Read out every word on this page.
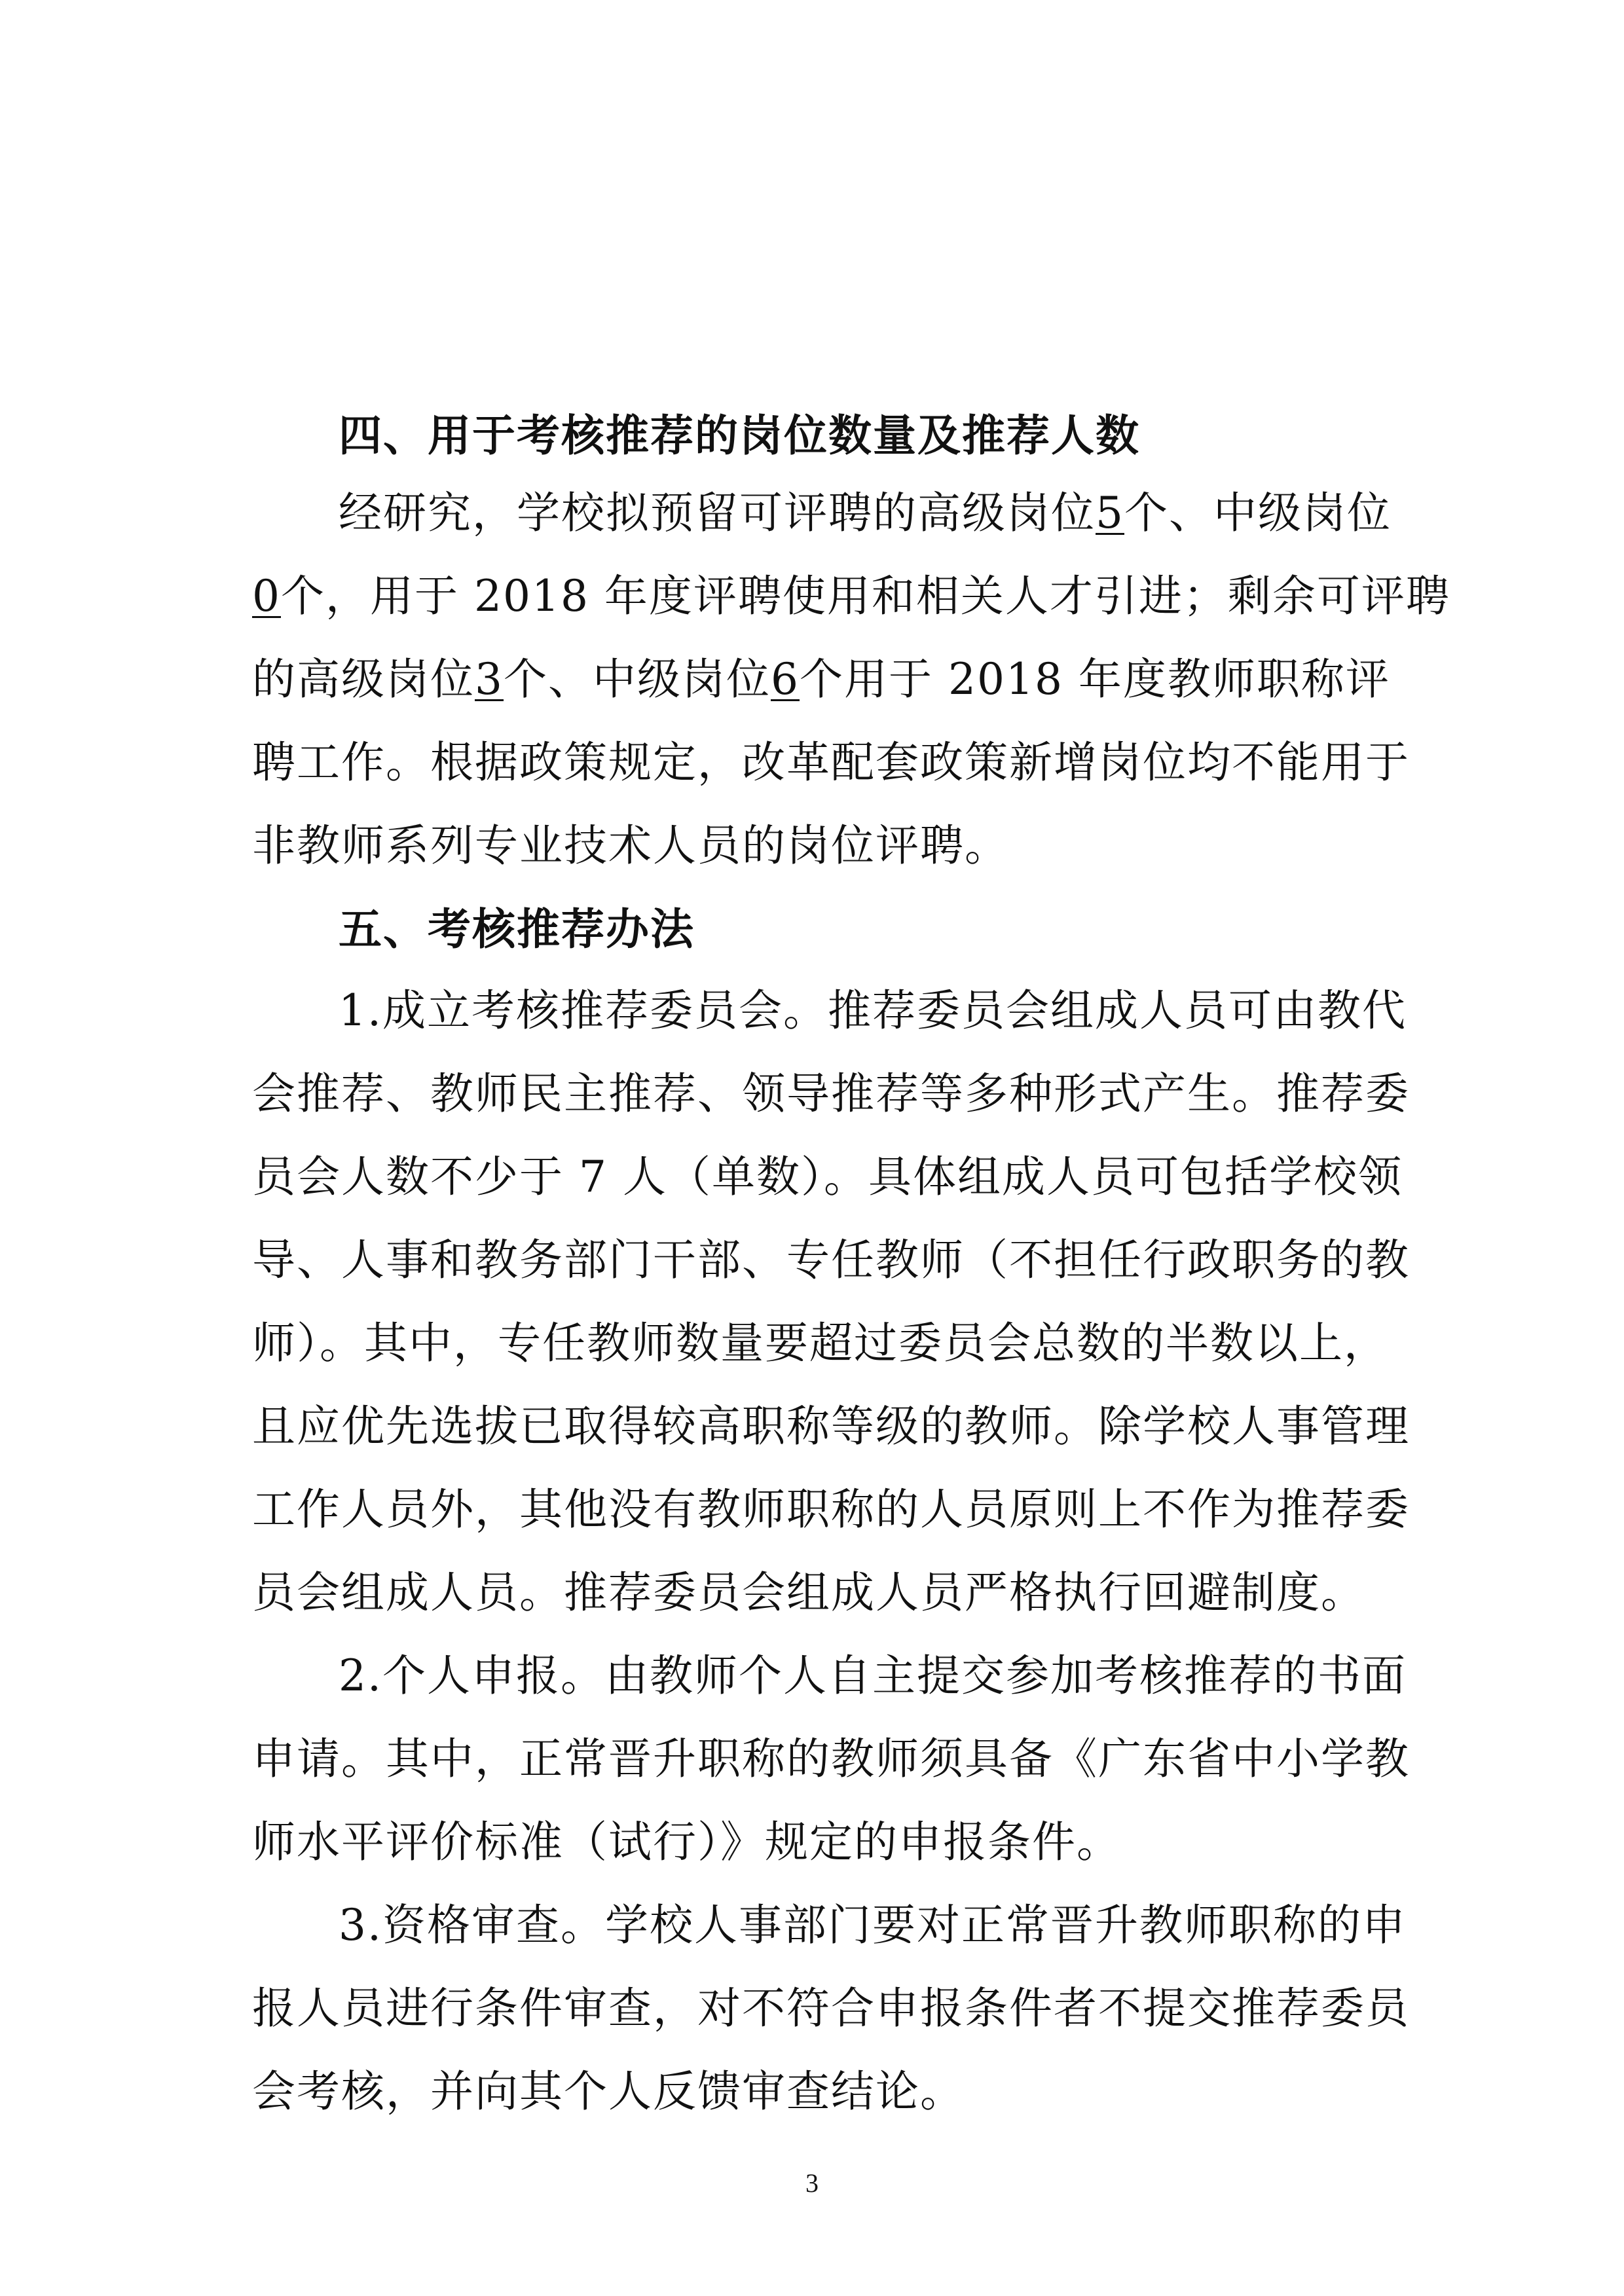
四、用于考核推荐的岗位数量及推荐人数
经研究，学校拟预留可评聘的高级岗位5个、中级岗位
0个，用于 2018 年度评聘使用和相关人才引进；剩余可评聘
的高级岗位3个、中级岗位6个用于 2018 年度教师职称评
聘工作。根据政策规定，改革配套政策新增岗位均不能用于
非教师系列专业技术人员的岗位评聘。
五、考核推荐办法
1.成立考核推荐委员会。推荐委员会组成人员可由教代
会推荐、教师民主推荐、领导推荐等多种形式产生。推荐委
员会人数不少于 7 人（单数）。具体组成人员可包括学校领
导、人事和教务部门干部、专任教师（不担任行政职务的教
师）。其中，专任教师数量要超过委员会总数的半数以上，
且应优先选拔已取得较高职称等级的教师。除学校人事管理
工作人员外，其他没有教师职称的人员原则上不作为推荐委
员会组成人员。推荐委员会组成人员严格执行回避制度。
2.个人申报。由教师个人自主提交参加考核推荐的书面
申请。其中，正常晋升职称的教师须具备《广东省中小学教
师水平评价标准（试行）》规定的申报条件。
3.资格审查。学校人事部门要对正常晋升教师职称的申
报人员进行条件审查，对不符合申报条件者不提交推荐委员
会考核，并向其个人反馈审查结论。
3
